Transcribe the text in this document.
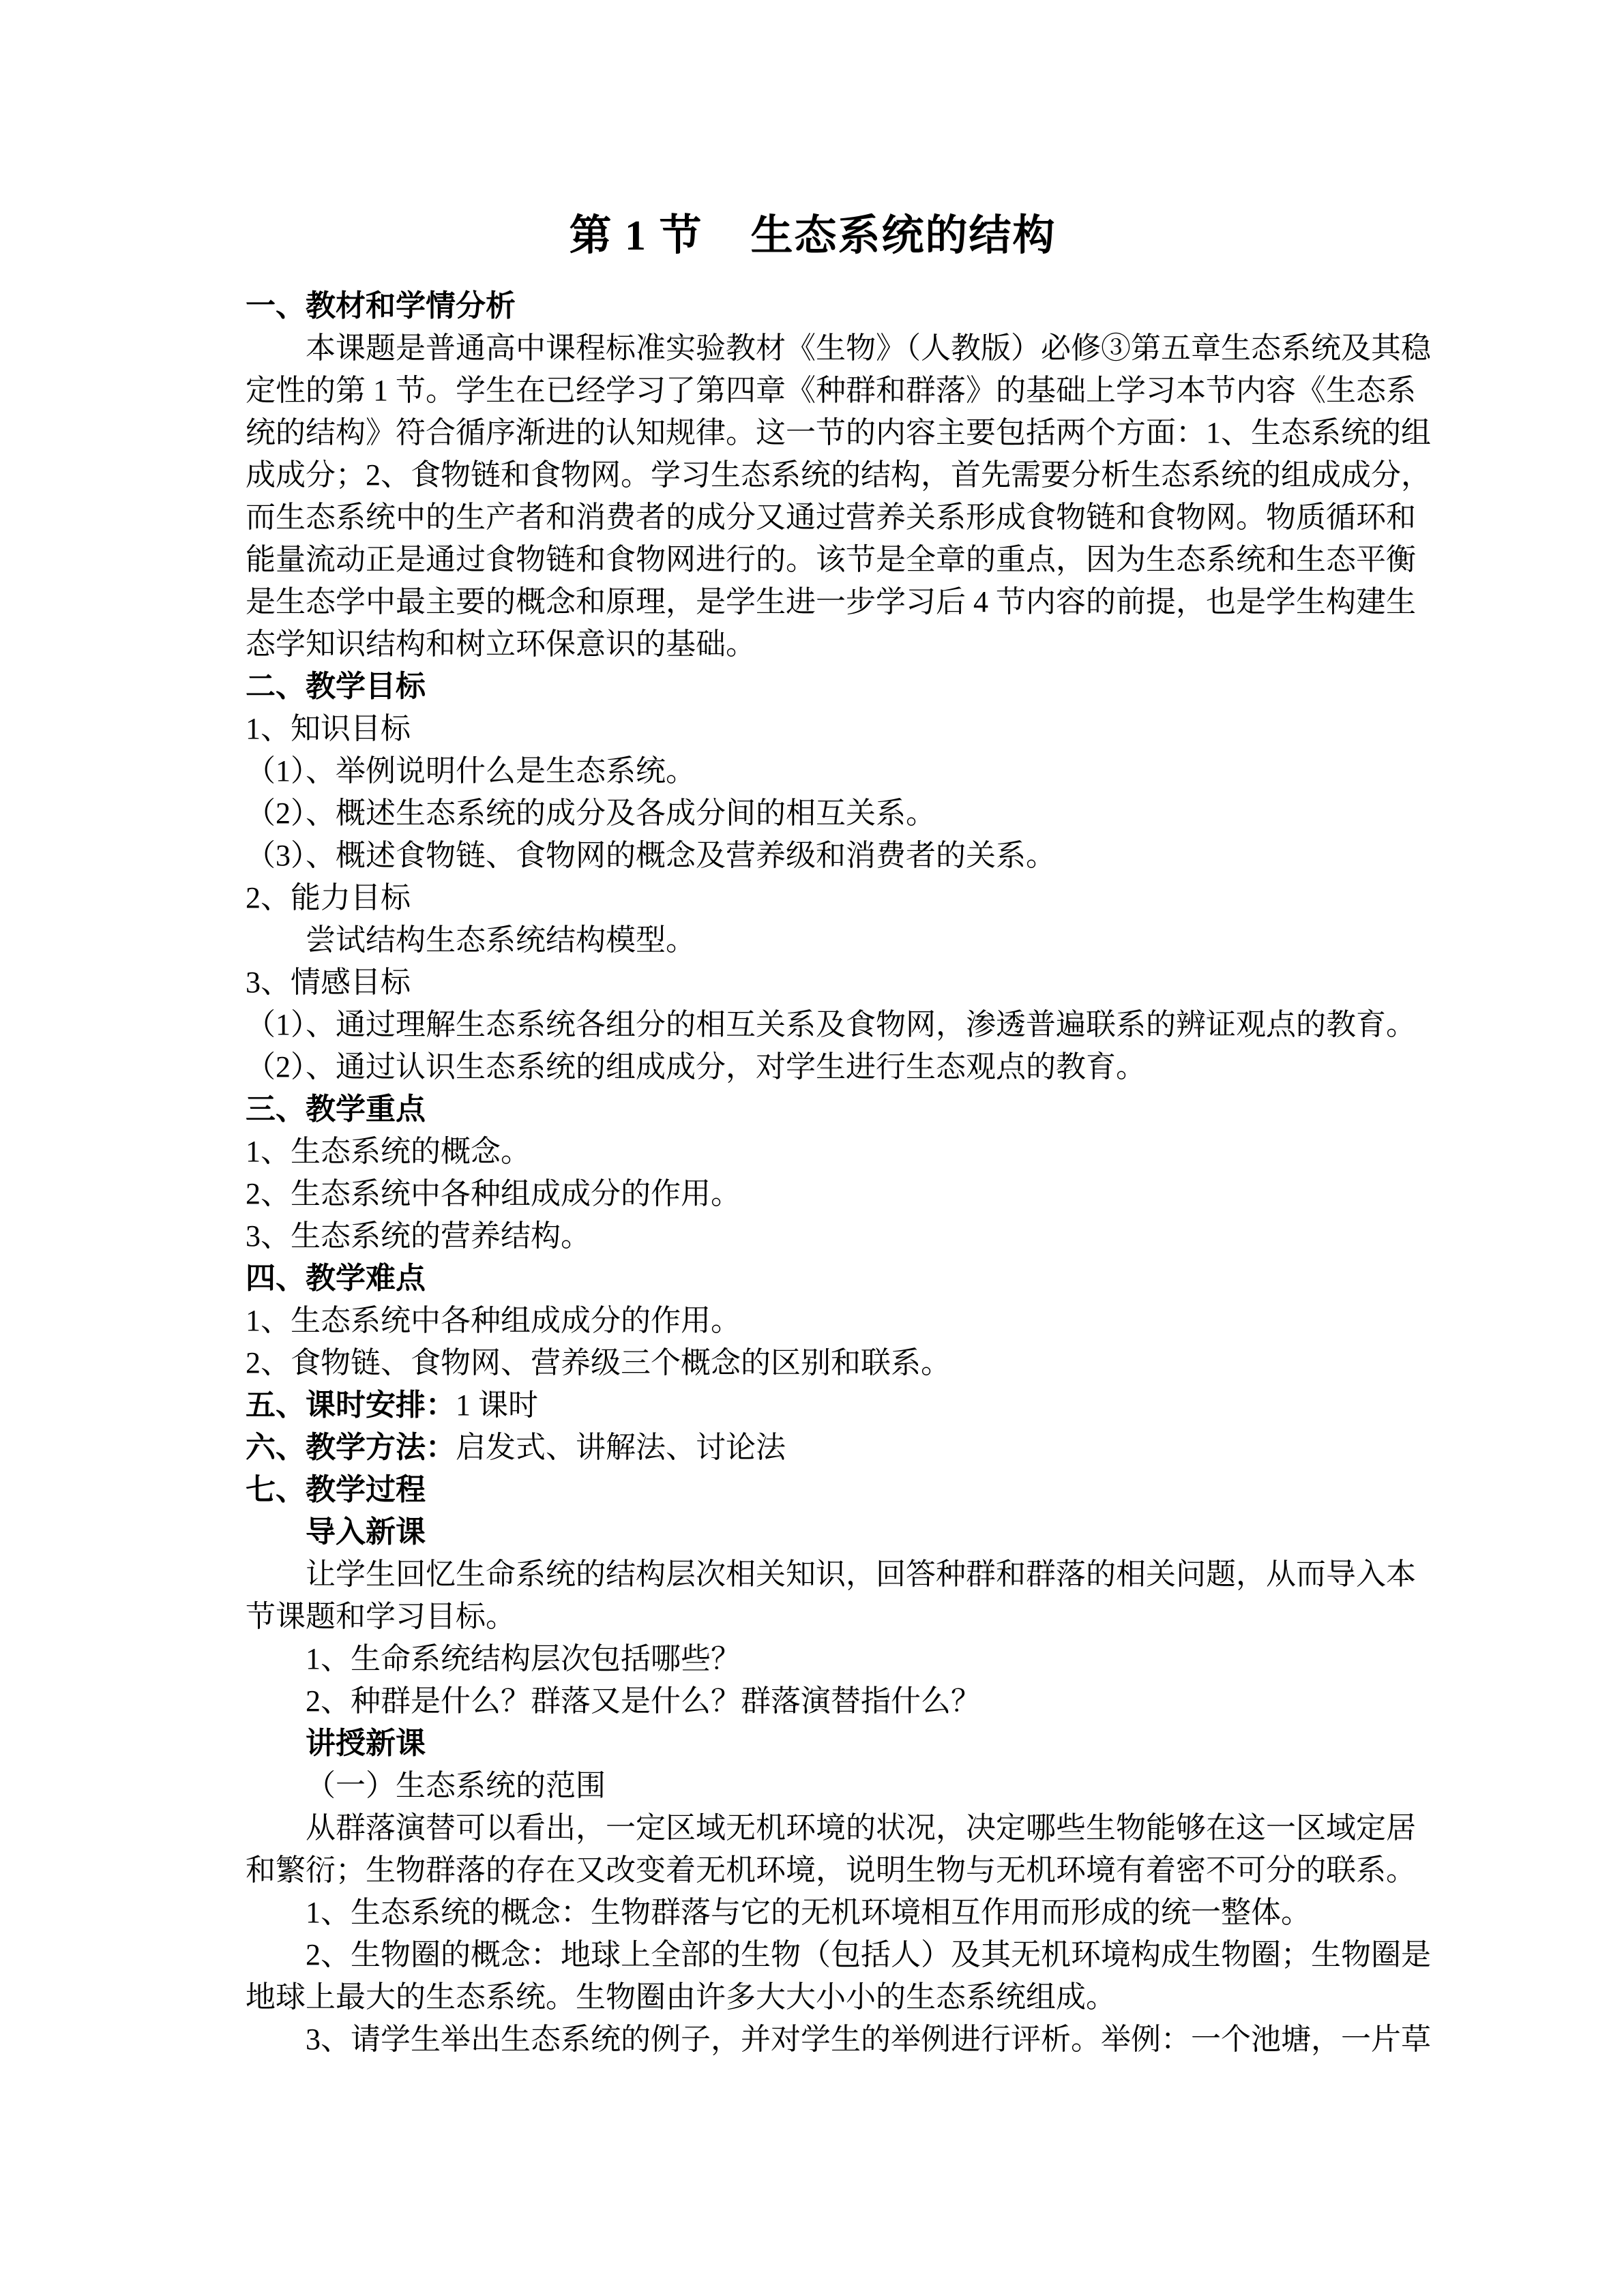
第 1 节    生态系统的结构
一、教材和学情分析
本课题是普通高中课程标准实验教材《生物》（人教版）必修③第五章生态系统及其稳
定性的第 1 节。学生在已经学习了第四章《种群和群落》的基础上学习本节内容《生态系
统的结构》符合循序渐进的认知规律。这一节的内容主要包括两个方面：1、生态系统的组
成成分；2、食物链和食物网。学习生态系统的结构，首先需要分析生态系统的组成成分，
而生态系统中的生产者和消费者的成分又通过营养关系形成食物链和食物网。物质循环和
能量流动正是通过食物链和食物网进行的。该节是全章的重点，因为生态系统和生态平衡
是生态学中最主要的概念和原理，是学生进一步学习后 4 节内容的前提，也是学生构建生
态学知识结构和树立环保意识的基础。
二、教学目标
1、知识目标
（1）、举例说明什么是生态系统。
（2）、概述生态系统的成分及各成分间的相互关系。
（3）、概述食物链、食物网的概念及营养级和消费者的关系。
2、能力目标
尝试结构生态系统结构模型。
3、情感目标
（1）、通过理解生态系统各组分的相互关系及食物网，渗透普遍联系的辨证观点的教育。
（2）、通过认识生态系统的组成成分，对学生进行生态观点的教育。
三、教学重点
1、生态系统的概念。
2、生态系统中各种组成成分的作用。
3、生态系统的营养结构。
四、教学难点
1、生态系统中各种组成成分的作用。
2、食物链、食物网、营养级三个概念的区别和联系。
五、课时安排：1 课时
六、教学方法：启发式、讲解法、讨论法
七、教学过程
导入新课
让学生回忆生命系统的结构层次相关知识，回答种群和群落的相关问题，从而导入本
节课题和学习目标。
1、生命系统结构层次包括哪些？
2、种群是什么？群落又是什么？群落演替指什么？
讲授新课
（一）生态系统的范围
从群落演替可以看出，一定区域无机环境的状况，决定哪些生物能够在这一区域定居
和繁衍；生物群落的存在又改变着无机环境，说明生物与无机环境有着密不可分的联系。
1、生态系统的概念：生物群落与它的无机环境相互作用而形成的统一整体。
2、生物圈的概念：地球上全部的生物（包括人）及其无机环境构成生物圈；生物圈是
地球上最大的生态系统。生物圈由许多大大小小的生态系统组成。
3、请学生举出生态系统的例子，并对学生的举例进行评析。举例：一个池塘，一片草
